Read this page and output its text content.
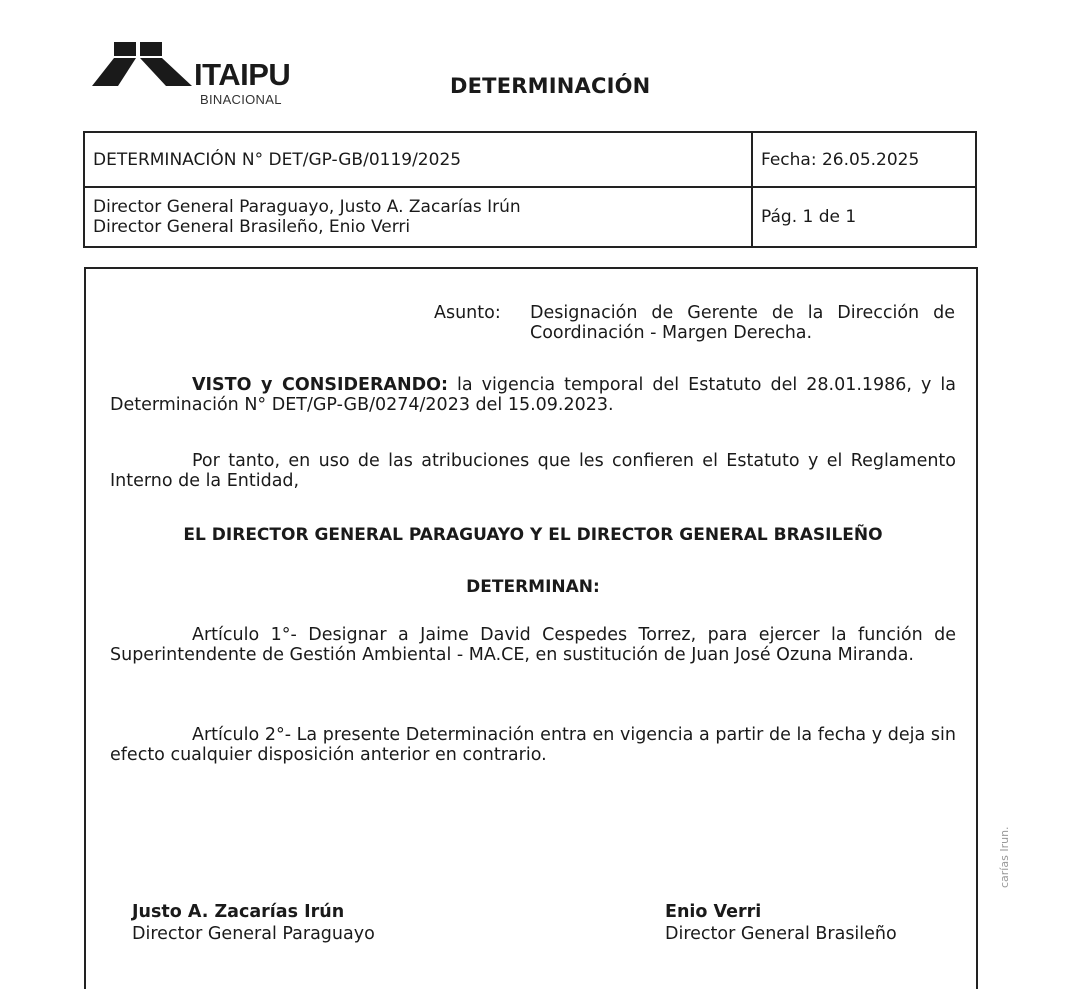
ITAIPU
BINACIONAL
DETERMINACIÓN
DETERMINACIÓN N° DET/GP-GB/0119/2025	Fecha: 26.05.2025

Director General Paraguayo, Justo A. Zacarías Irún
Director General Brasileño, Enio Verri	Pág. 1 de 1
Asunto: Designación de Gerente de la Dirección de Coordinación - Margen Derecha.
VISTO y CONSIDERANDO: la vigencia temporal del Estatuto del 28.01.1986, y la Determinación N° DET/GP-GB/0274/2023 del 15.09.2023.
Por tanto, en uso de las atribuciones que les confieren el Estatuto y el Reglamento Interno de la Entidad,
EL DIRECTOR GENERAL PARAGUAYO Y EL DIRECTOR GENERAL BRASILEÑO
DETERMINAN:
Artículo 1°- Designar a Jaime David Cespedes Torrez, para ejercer la función de Superintendente de Gestión Ambiental - MA.CE, en sustitución de Juan José Ozuna Miranda.
Artículo 2°- La presente Determinación entra en vigencia a partir de la fecha y deja sin efecto cualquier disposición anterior en contrario.
Justo A. Zacarías Irún
Director General Paraguayo
Enio Verri
Director General Brasileño
carías Irun.
